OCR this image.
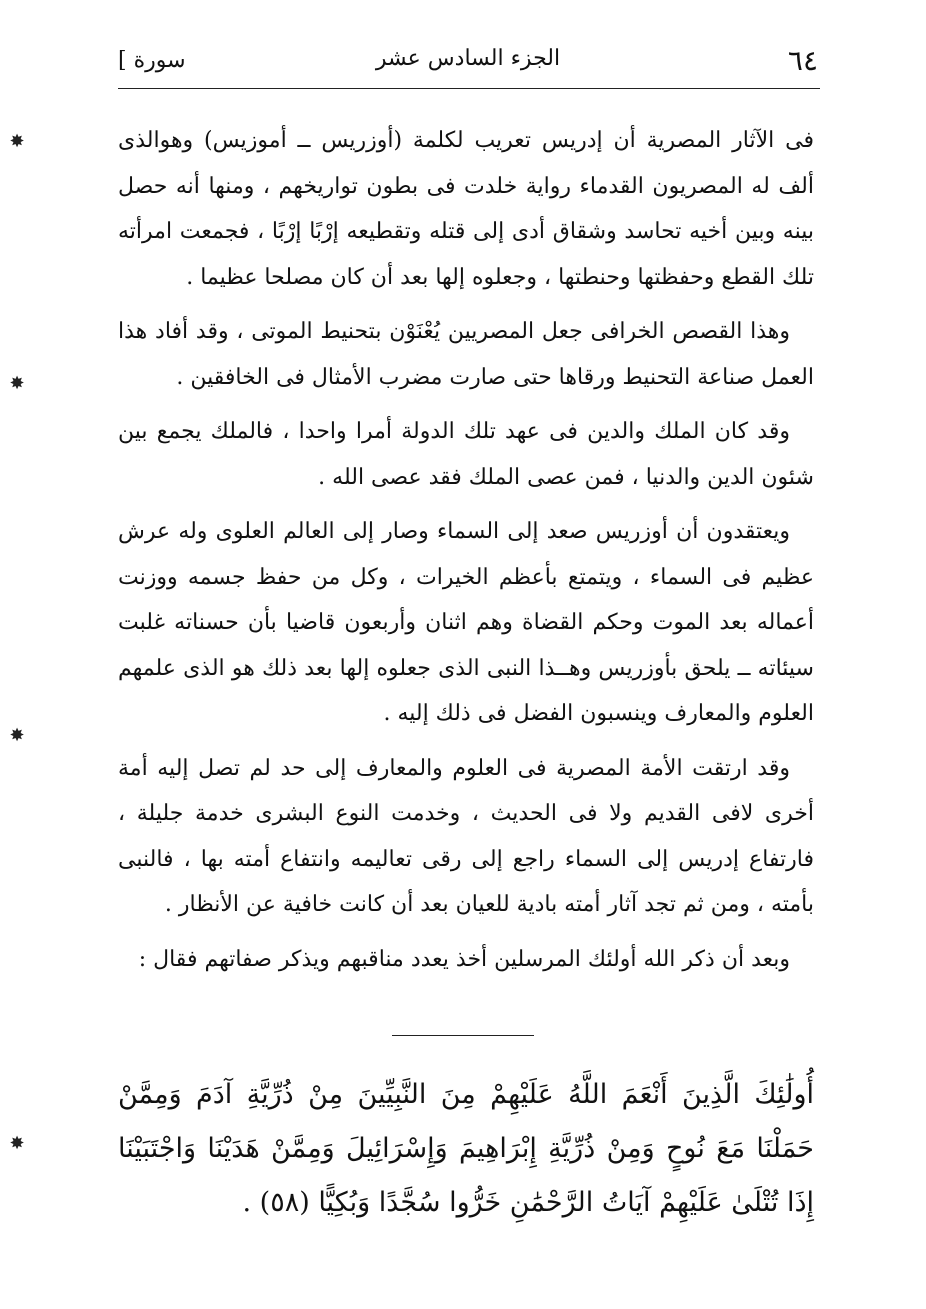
٦٤
الجزء السادس عشر
سورة ]

فى الآثار المصرية أن إدريس تعريب لكلمة (أوزريس ــ أموزيس) وهوالذى ألف له المصريون القدماء رواية خلدت فى بطون تواريخهم ، ومنها أنه حصل بينه وبين أخيه تحاسد وشقاق أدى إلى قتله وتقطيعه إرْبًا إرْبًا ، فجمعت امرأته تلك القطع وحفظتها وحنطتها ، وجعلوه إلها بعد أن كان مصلحا عظيما .

وهذا القصص الخرافى جعل المصريين يُعْنَوْن بتحنيط الموتى ، وقد أفاد هذا العمل صناعة التحنيط ورقاها حتى صارت مضرب الأمثال فى الخافقين .

وقد كان الملك والدين فى عهد تلك الدولة أمرا واحدا ، فالملك يجمع بين شئون الدين والدنيا ، فمن عصى الملك فقد عصى الله .

ويعتقدون أن أوزريس صعد إلى السماء وصار إلى العالم العلوى وله عرش عظيم فى السماء ، ويتمتع بأعظم الخيرات ، وكل من حفظ جسمه ووزنت أعماله بعد الموت وحكم القضاة وهم اثنان وأربعون قاضيا بأن حسناته غلبت سيئاته ــ يلحق بأوزريس وهــذا النبى الذى جعلوه إلها بعد ذلك هو الذى علمهم العلوم والمعارف وينسبون الفضل فى ذلك إليه .

وقد ارتقت الأمة المصرية فى العلوم والمعارف إلى حد لم تصل إليه أمة أخرى لافى القديم ولا فى الحديث ، وخدمت النوع البشرى خدمة جليلة ، فارتفاع إدريس إلى السماء راجع إلى رقى تعاليمه وانتفاع أمته بها ، فالنبى بأمته ، ومن ثم تجد آثار أمته بادية للعيان بعد أن كانت خافية عن الأنظار .

وبعد أن ذكر الله أولئك المرسلين أخذ يعدد مناقبهم ويذكر صفاتهم فقال :

أُولَٰئِكَ الَّذِينَ أَنْعَمَ اللَّهُ عَلَيْهِمْ مِنَ النَّبِيِّينَ مِنْ ذُرِّيَّةِ آدَمَ وَمِمَّنْ حَمَلْنَا مَعَ نُوحٍ وَمِنْ ذُرِّيَّةِ إِبْرَاهِيمَ وَإِسْرَائِيلَ وَمِمَّنْ هَدَيْنَا وَاجْتَبَيْنَا إِذَا تُتْلَىٰ عَلَيْهِمْ آيَاتُ الرَّحْمَٰنِ خَرُّوا سُجَّدًا وَبُكِيًّا (٥٨) .

✸
✸
✸
✸
